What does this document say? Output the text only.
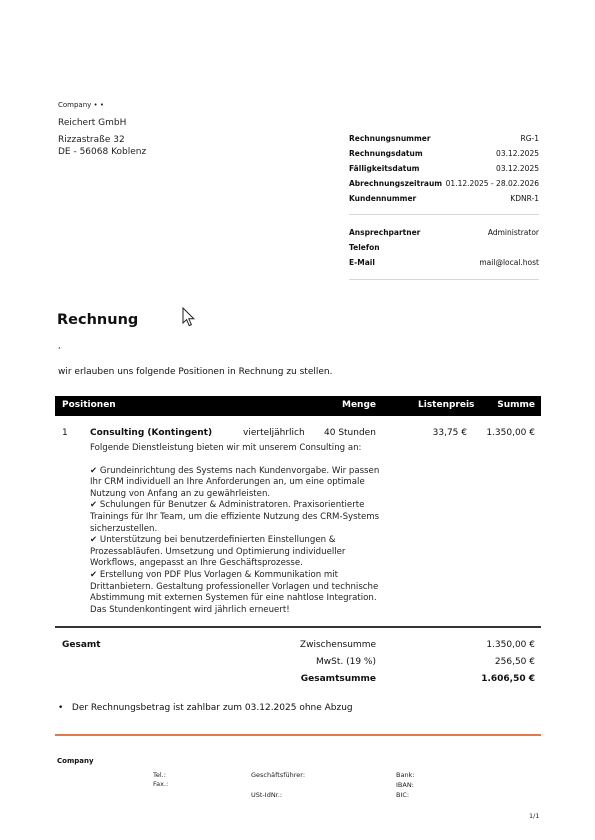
Company • •
Reichert GmbH
Rizzastraße 32
DE - 56068 Koblenz
Rechnungsnummer	RG-1
Rechnungsdatum	03.12.2025
Fälligkeitsdatum	03.12.2025
Abrechnungszeitraum 01.12.2025 - 28.02.2026
Kundennummer	KDNR-1
Ansprechpartner	Administrator
Telefon
E-Mail	mail@local.host
Rechnung
,
wir erlauben uns folgende Positionen in Rechnung zu stellen.
Positionen	Menge	Listenpreis	Summe
1 Consulting (Kontingent)	vierteljährlich 40 Stunden	33,75 € 1.350,00 €
Folgende Dienstleistung bieten wir mit unserem Consulting an:
✔ Grundeinrichtung des Systems nach Kundenvorgabe. Wir passen
Ihr CRM individuell an Ihre Anforderungen an, um eine optimale
Nutzung von Anfang an zu gewährleisten.
✔ Schulungen für Benutzer & Administratoren. Praxisorientierte
Trainings für Ihr Team, um die effiziente Nutzung des CRM-Systems
sicherzustellen.
✔ Unterstützung bei benutzerdefinierten Einstellungen &
Prozessabläufen. Umsetzung und Optimierung individueller
Workflows, angepasst an Ihre Geschäftsprozesse.
✔ Erstellung von PDF Plus Vorlagen & Kommunikation mit
Drittanbietern. Gestaltung professioneller Vorlagen und technische
Abstimmung mit externen Systemen für eine nahtlose Integration.
Das Stundenkontingent wird jährlich erneuert!
Gesamt	Zwischensumme	1.350,00 €
MwSt. (19 %)	256,50 €
Gesamtsumme	1.606,50 €
• Der Rechnungsbetrag ist zahlbar zum 03.12.2025 ohne Abzug
Company
Tel.:
Fax.:
Geschäftsführer:
USt-IdNr.:
Bank:
IBAN:
BIC:
1/1
